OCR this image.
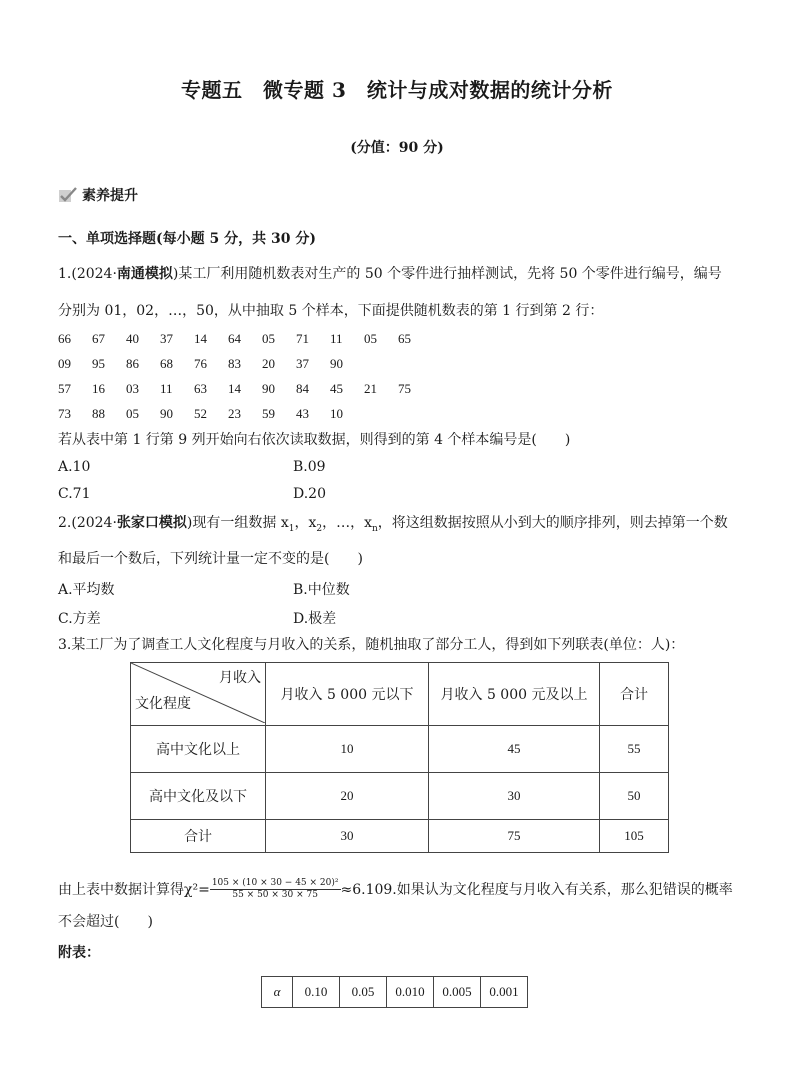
专题五　微专题 3　统计与成对数据的统计分析
(分值：90 分)
素养提升
一、单项选择题(每小题 5 分，共 30 分)
1.(2024·南通模拟)某工厂利用随机数表对生产的 50 个零件进行抽样测试，先将 50 个零件进行编号，编号
分别为 01，02，…，50，从中抽取 5 个样本，下面提供随机数表的第 1 行到第 2 行：
66	67	40	37	14	64	05	71	11	05	65
09	95	86	68	76	83	20	37	90
57	16	03	11	63	14	90	84	45	21	75
73	88	05	90	52	23	59	43	10
若从表中第 1 行第 9 列开始向右依次读取数据，则得到的第 4 个样本编号是(　　)
A.10	B.09
C.71	D.20
2.(2024·张家口模拟)现有一组数据 $x_1$，$x_2$，…，$x_n$，将这组数据按照从小到大的顺序排列，则去掉第一个数
和最后一个数后，下列统计量一定不变的是(　　)
A.平均数	B.中位数
C.方差	D.极差
3.某工厂为了调查工人文化程度与月收入的关系，随机抽取了部分工人，得到如下列联表(单位：人)：
月收入
文化程度	月收入 5 000 元以下	月收入 5 000 元及以上	合计
高中文化以上	10	45	55
高中文化及以下	20	30	50
合计	30	75	105
由上表中数据计算得$\chi^2= \frac{\text{105 × (10 × 30 − 45 × 20)²}}{55 \times 50 \times 30 \times 75} \approx 6.109$.如果认为文化程度与月收入有关系，那么犯错误的概率
不会超过(　　)
附表：
α	0.10	0.05	0.010	0.005	0.001
